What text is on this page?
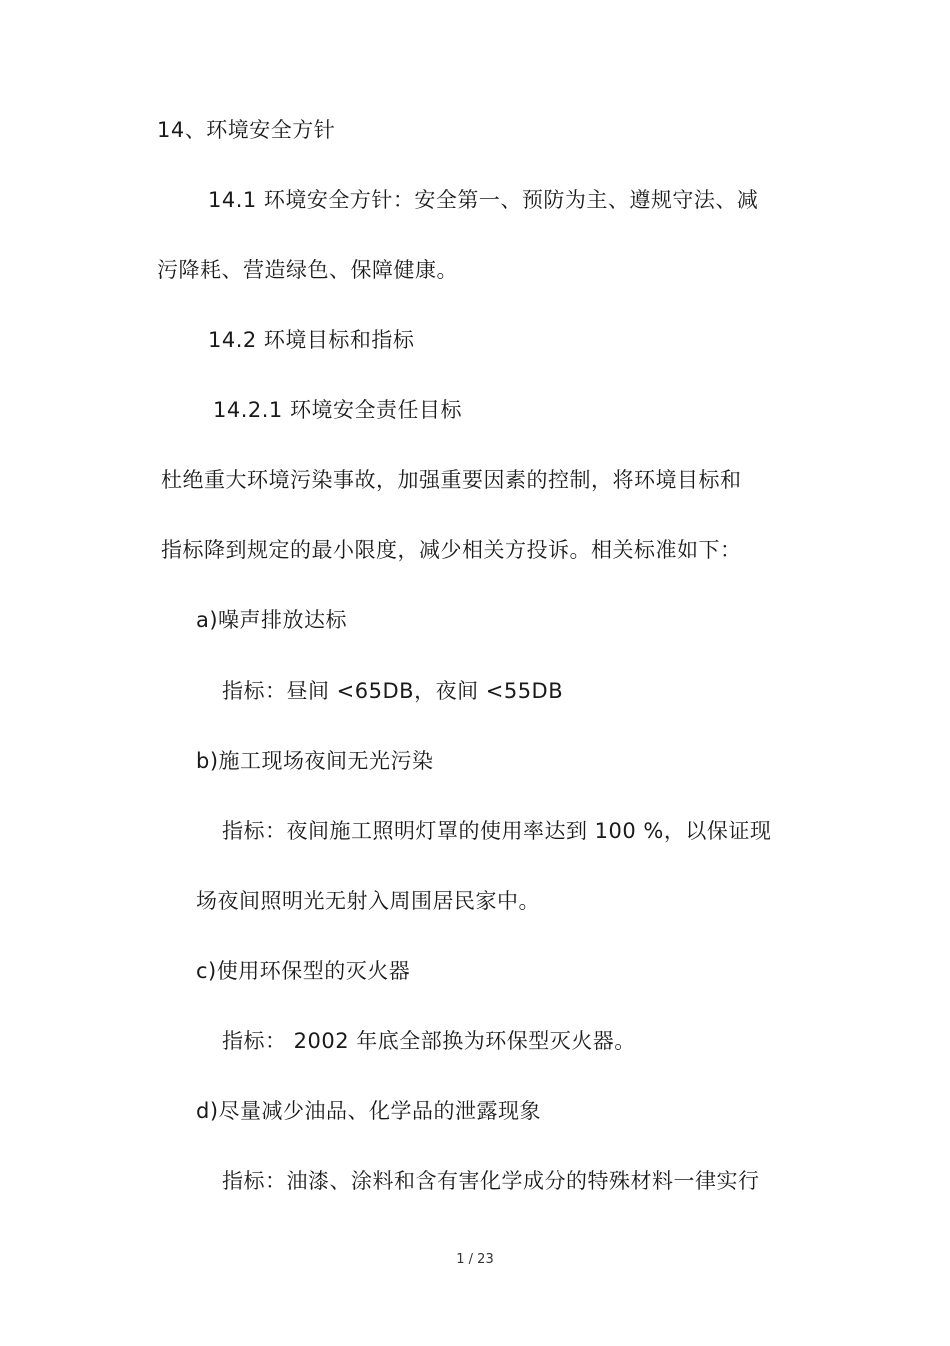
14、环境安全方针
14.1 环境安全方针：安全第一、预防为主、遵规守法、减
污降耗、营造绿色、保障健康。
14.2 环境目标和指标
14.2.1 环境安全责任目标
杜绝重大环境污染事故，加强重要因素的控制，将环境目标和
指标降到规定的最小限度，减少相关方投诉。相关标准如下：
a)噪声排放达标
指标：昼间 <65DB，夜间 <55DB
b)施工现场夜间无光污染
指标：夜间施工照明灯罩的使用率达到 100 %，以保证现
场夜间照明光无射入周围居民家中。
c)使用环保型的灭火器
指标： 2002 年底全部换为环保型灭火器。
d)尽量减少油品、化学品的泄露现象
指标：油漆、涂料和含有害化学成分的特殊材料一律实行
1 / 23
